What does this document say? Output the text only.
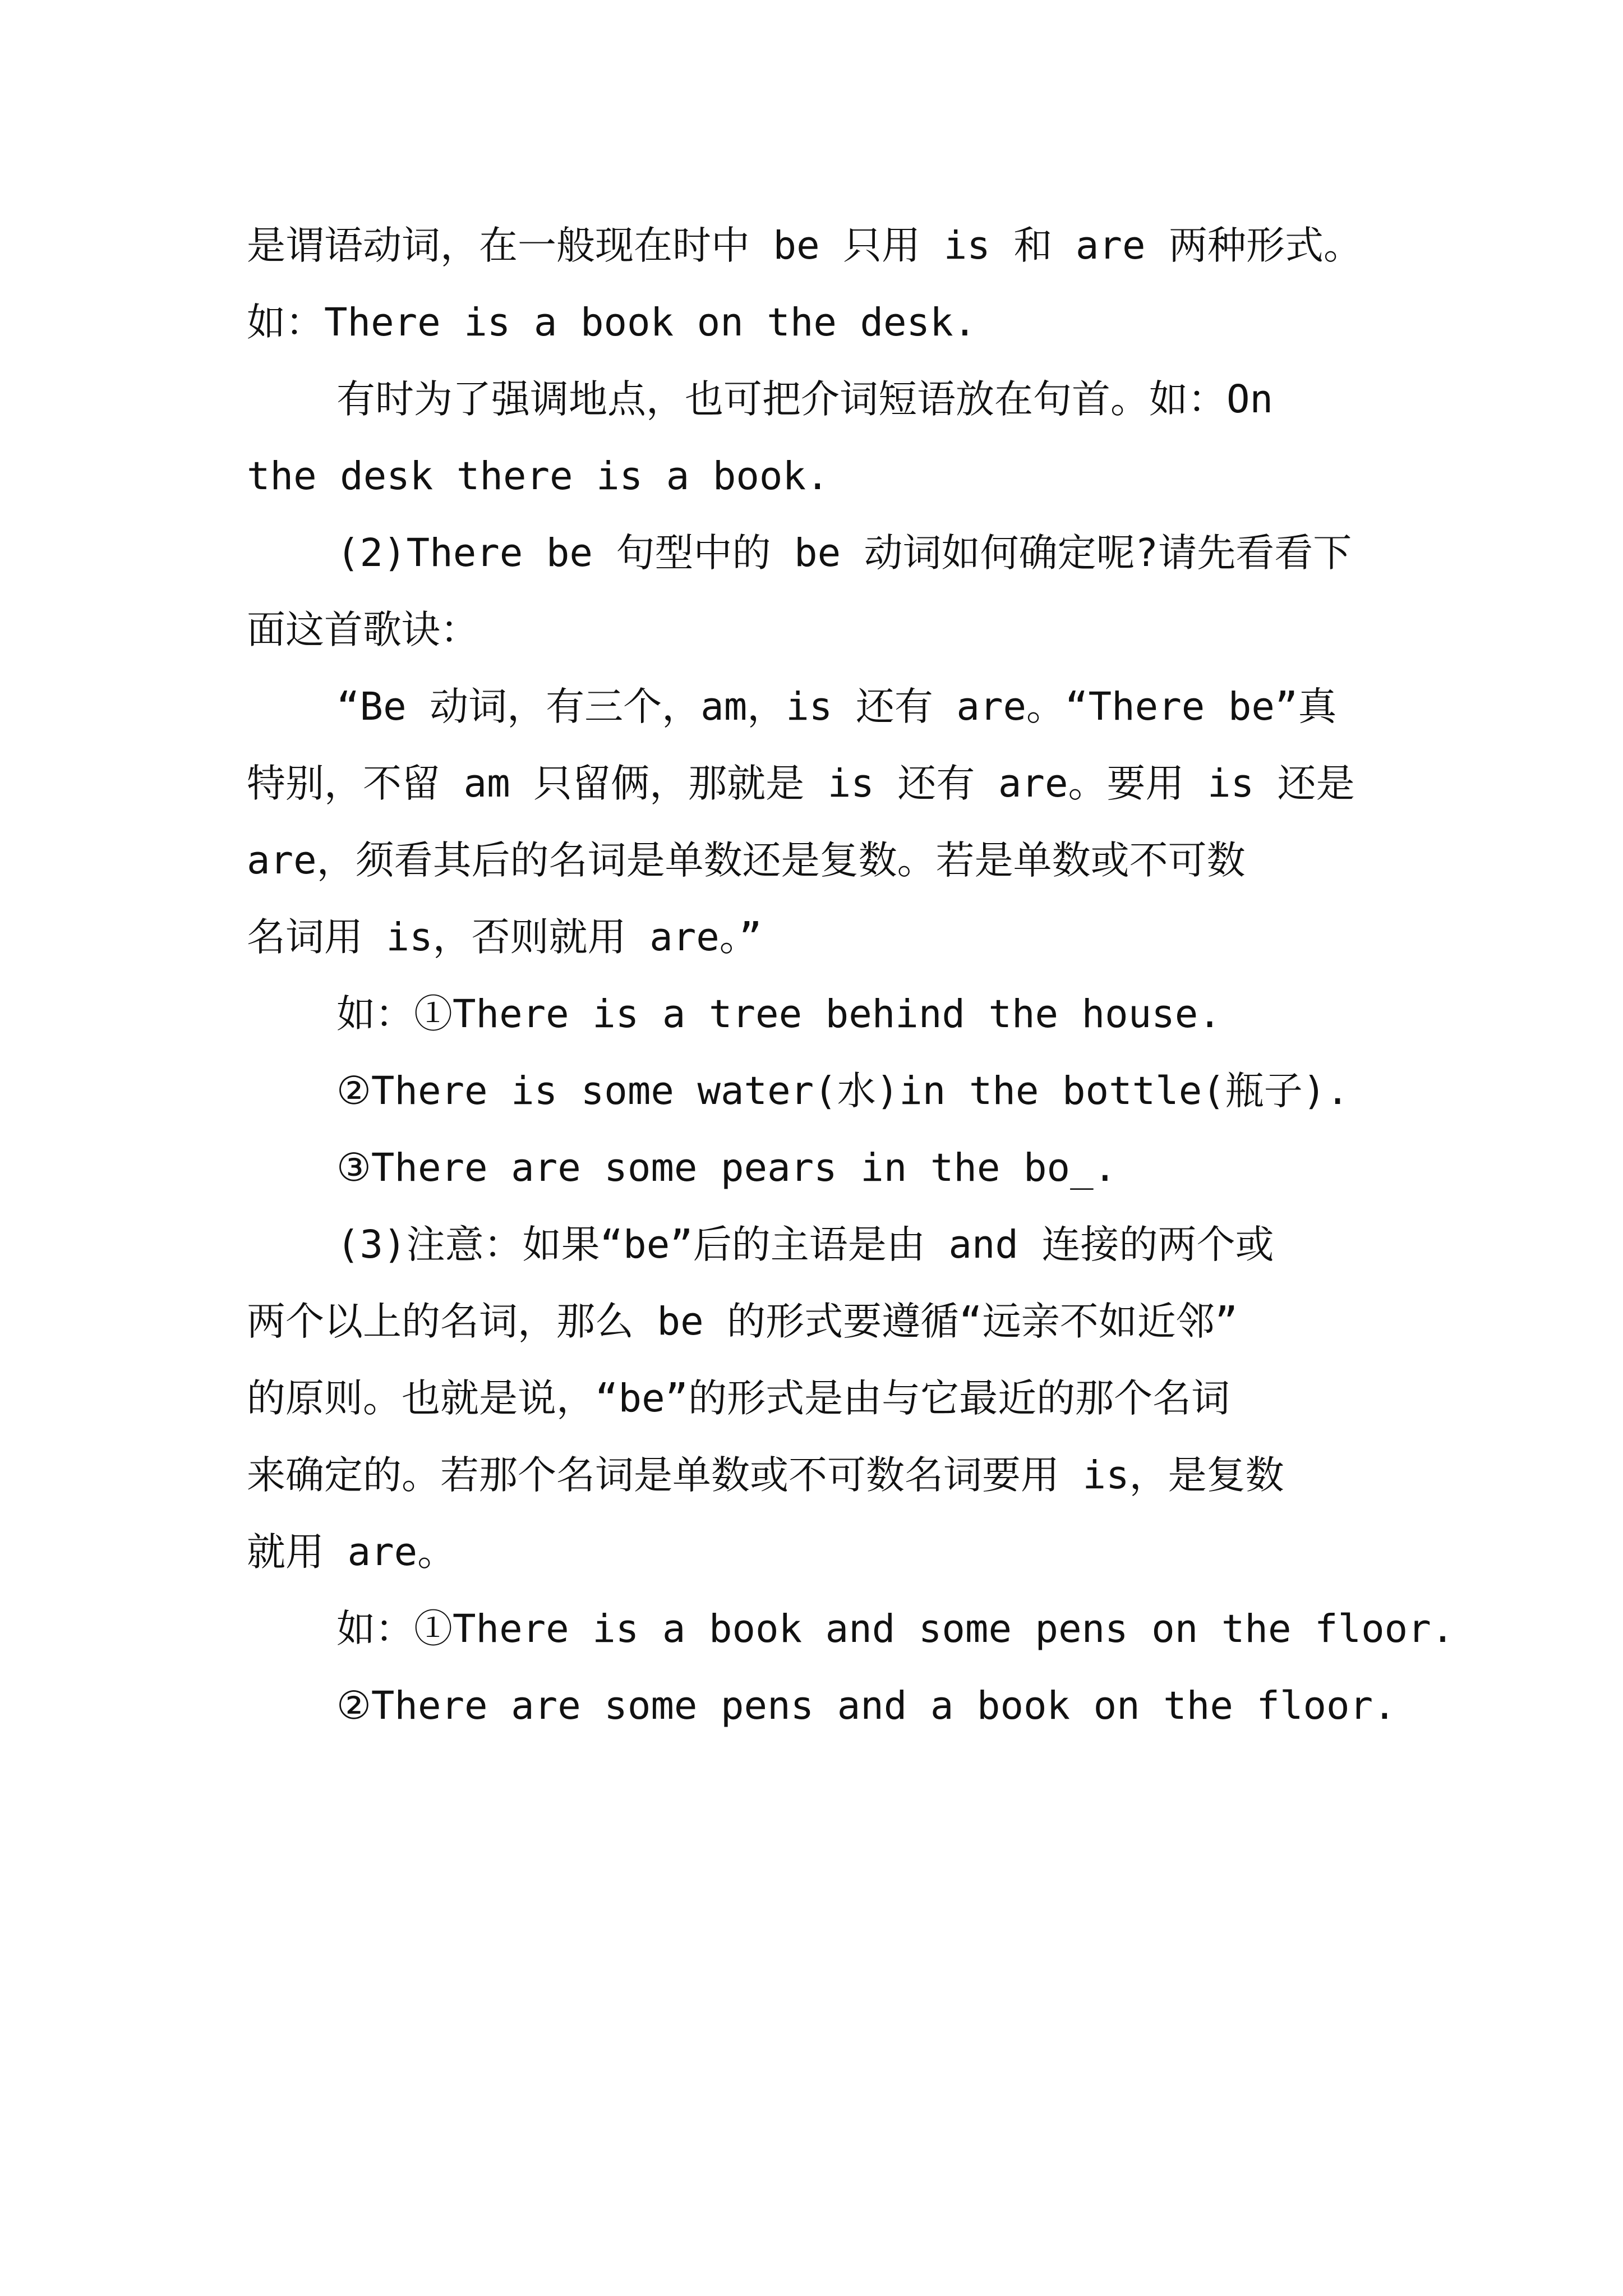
是谓语动词，在一般现在时中 be 只用 is 和 are 两种形式。
如：There is a book on the desk.
有时为了强调地点，也可把介词短语放在句首。如：On
the desk there is a book.
(2)There be 句型中的 be 动词如何确定呢?请先看看下
面这首歌诀：
“Be 动词，有三个，am，is 还有 are。“There be”真
特别，不留 am 只留俩，那就是 is 还有 are。要用 is 还是
are，须看其后的名词是单数还是复数。若是单数或不可数
名词用 is，否则就用 are。”
如：①There is a tree behind the house.
②There is some water(水)in the bottle(瓶子).
③There are some pears in the bo_.
(3)注意：如果“be”后的主语是由 and 连接的两个或
两个以上的名词，那么 be 的形式要遵循“远亲不如近邻”
的原则。也就是说，“be”的形式是由与它最近的那个名词
来确定的。若那个名词是单数或不可数名词要用 is，是复数
就用 are。
如：①There is a book and some pens on the floor.
②There are some pens and a book on the floor.
